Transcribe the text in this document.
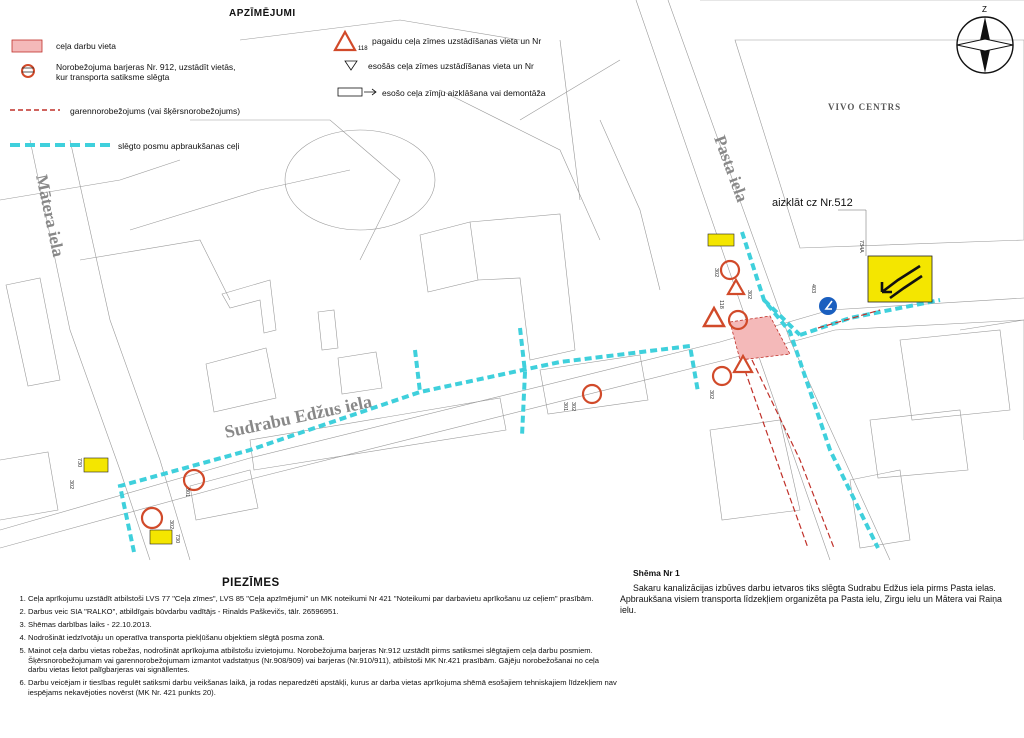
Mātera iela
Pasta iela
Sudrabu Edžus iela
VIVO CENTRS
302
118
302
302
403
734A
730
302
302
730
301
301 302
aizklāt cz Nr.512
Z
118
APZĪMĒJUMI
ceļa darbu vieta
Norobežojuma barjeras Nr. 912, uzstādīt vietās,
kur transporta satiksme slēgta
garennorobežojums (vai šķērsnorobežojums)
slēgto posmu apbraukšanas ceļi
pagaidu ceļa zīmes uzstādīšanas vieta un Nr
esošās ceļa zīmes uzstādīšanas vieta un Nr
esošo ceļa zīmju aizklāšana vai demontāža
PIEZĪMES
1. Ceļa aprīkojumu uzstādīt atbilstoši LVS 77 "Ceļa zīmes", LVS 85 "Ceļa apzīmējumi" un MK noteikumi Nr 421 "Noteikumi par darbavietu aprīkošanu uz ceļiem" prasībām.
2. Darbus veic SIA "RALKO", atbildīgais būvdarbu vadītājs - Rinalds Paškevičs, tālr. 26596951.
3. Shēmas darbības laiks - 22.10.2013.
4. Nodrošināt iedzīvotāju un operatīva transporta piekļūšanu objektiem slēgtā posma zonā.
5. Mainot ceļa darbu vietas robežas, nodrošināt aprīkojuma atbilstošu izvietojumu. Norobežojuma barjeras Nr.912 uzstādīt pirms satiksmei slēgtajiem ceļa darbu posmiem. Šķērsnorobežojumam vai garennorobežojumam izmantot vadstatņus (Nr.908/909) vai barjeras (Nr.910/911), atbilstoši MK Nr.421 prasībām. Gājēju norobežošanai no ceļa darbu vietas lietot palīgbarjeras vai signāllentes.
6. Darbu veicējam ir tiesības regulēt satiksmi darbu veikšanas laikā, ja rodas neparedzēti apstākļi, kurus ar darba vietas aprīkojuma shēmā esošajiem tehniskajiem līdzekļiem nav iespējams nekavējoties novērst (MK Nr. 421 punkts 20).
Shēma Nr 1
Sakaru kanalizācijas izbūves darbu ietvaros tiks slēgta Sudrabu Edžus iela pirms Pasta ielas. Apbraukšana visiem transporta līdzekļiem organizēta pa Pasta ielu, Zirgu ielu un Mātera vai Raiņa ielu.
